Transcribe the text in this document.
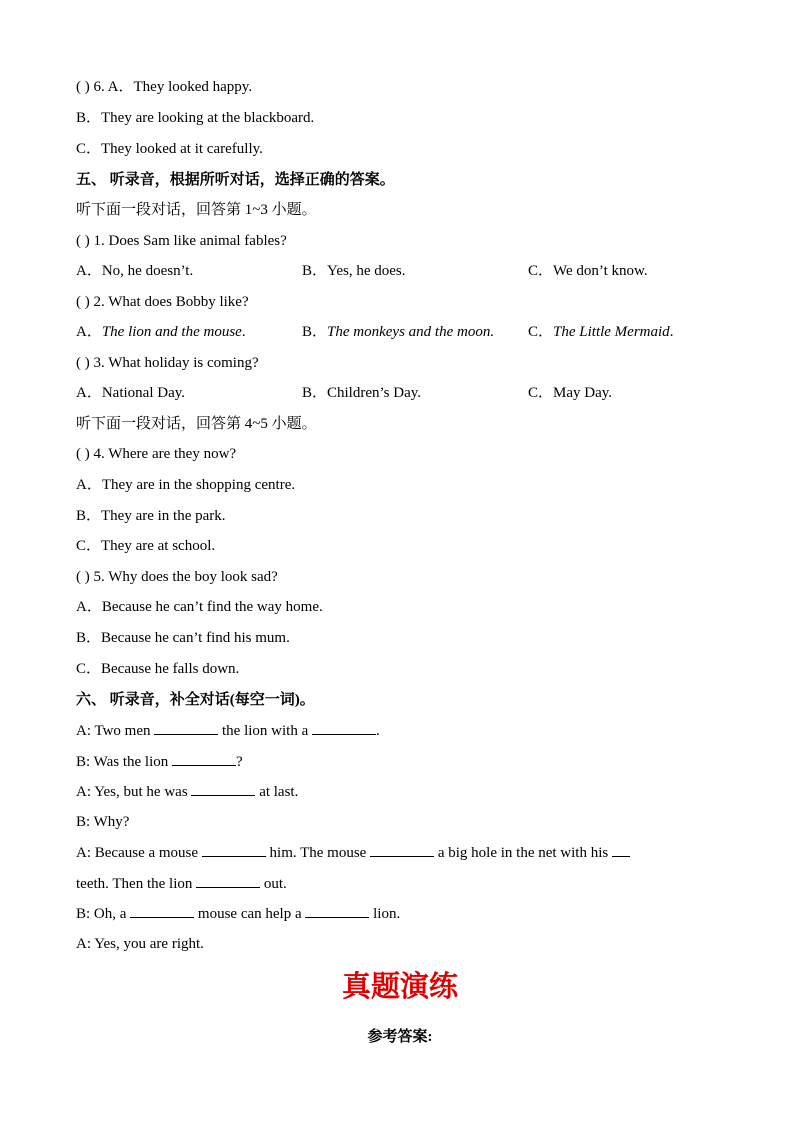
( ) 6. A．They looked happy.
B．They are looking at the blackboard.
C．They looked at it carefully.
五、 听录音，根据所听对话，选择正确的答案。
听下面一段对话，回答第 1~3 小题。
( ) 1. Does Sam like animal fables?
A．No, he doesn’t.	B．Yes, he does.	C．We don’t know.
( ) 2. What does Bobby like?
A．The lion and the mouse.	B．The monkeys and the moon.	C．The Little Mermaid.
( ) 3. What holiday is coming?
A．National Day.	B．Children’s Day.	C．May Day.
听下面一段对话，回答第 4~5 小题。
( ) 4. Where are they now?
A．They are in the shopping centre.
B．They are in the park.
C．They are at school.
( ) 5. Why does the boy look sad?
A．Because he can’t find the way home.
B．Because he can’t find his mum.
C．Because he falls down.
六、 听录音，补全对话(每空一词)。
A: Two men	the lion with a	.
B: Was the lion	?
A: Yes, but he was	at last.
B: Why?
A: Because a mouse	him. The mouse	a big hole in the net with his
teeth. Then the lion	out.
B: Oh, a	mouse can help a	lion.
A: Yes, you are right.
真题演练
参考答案:
